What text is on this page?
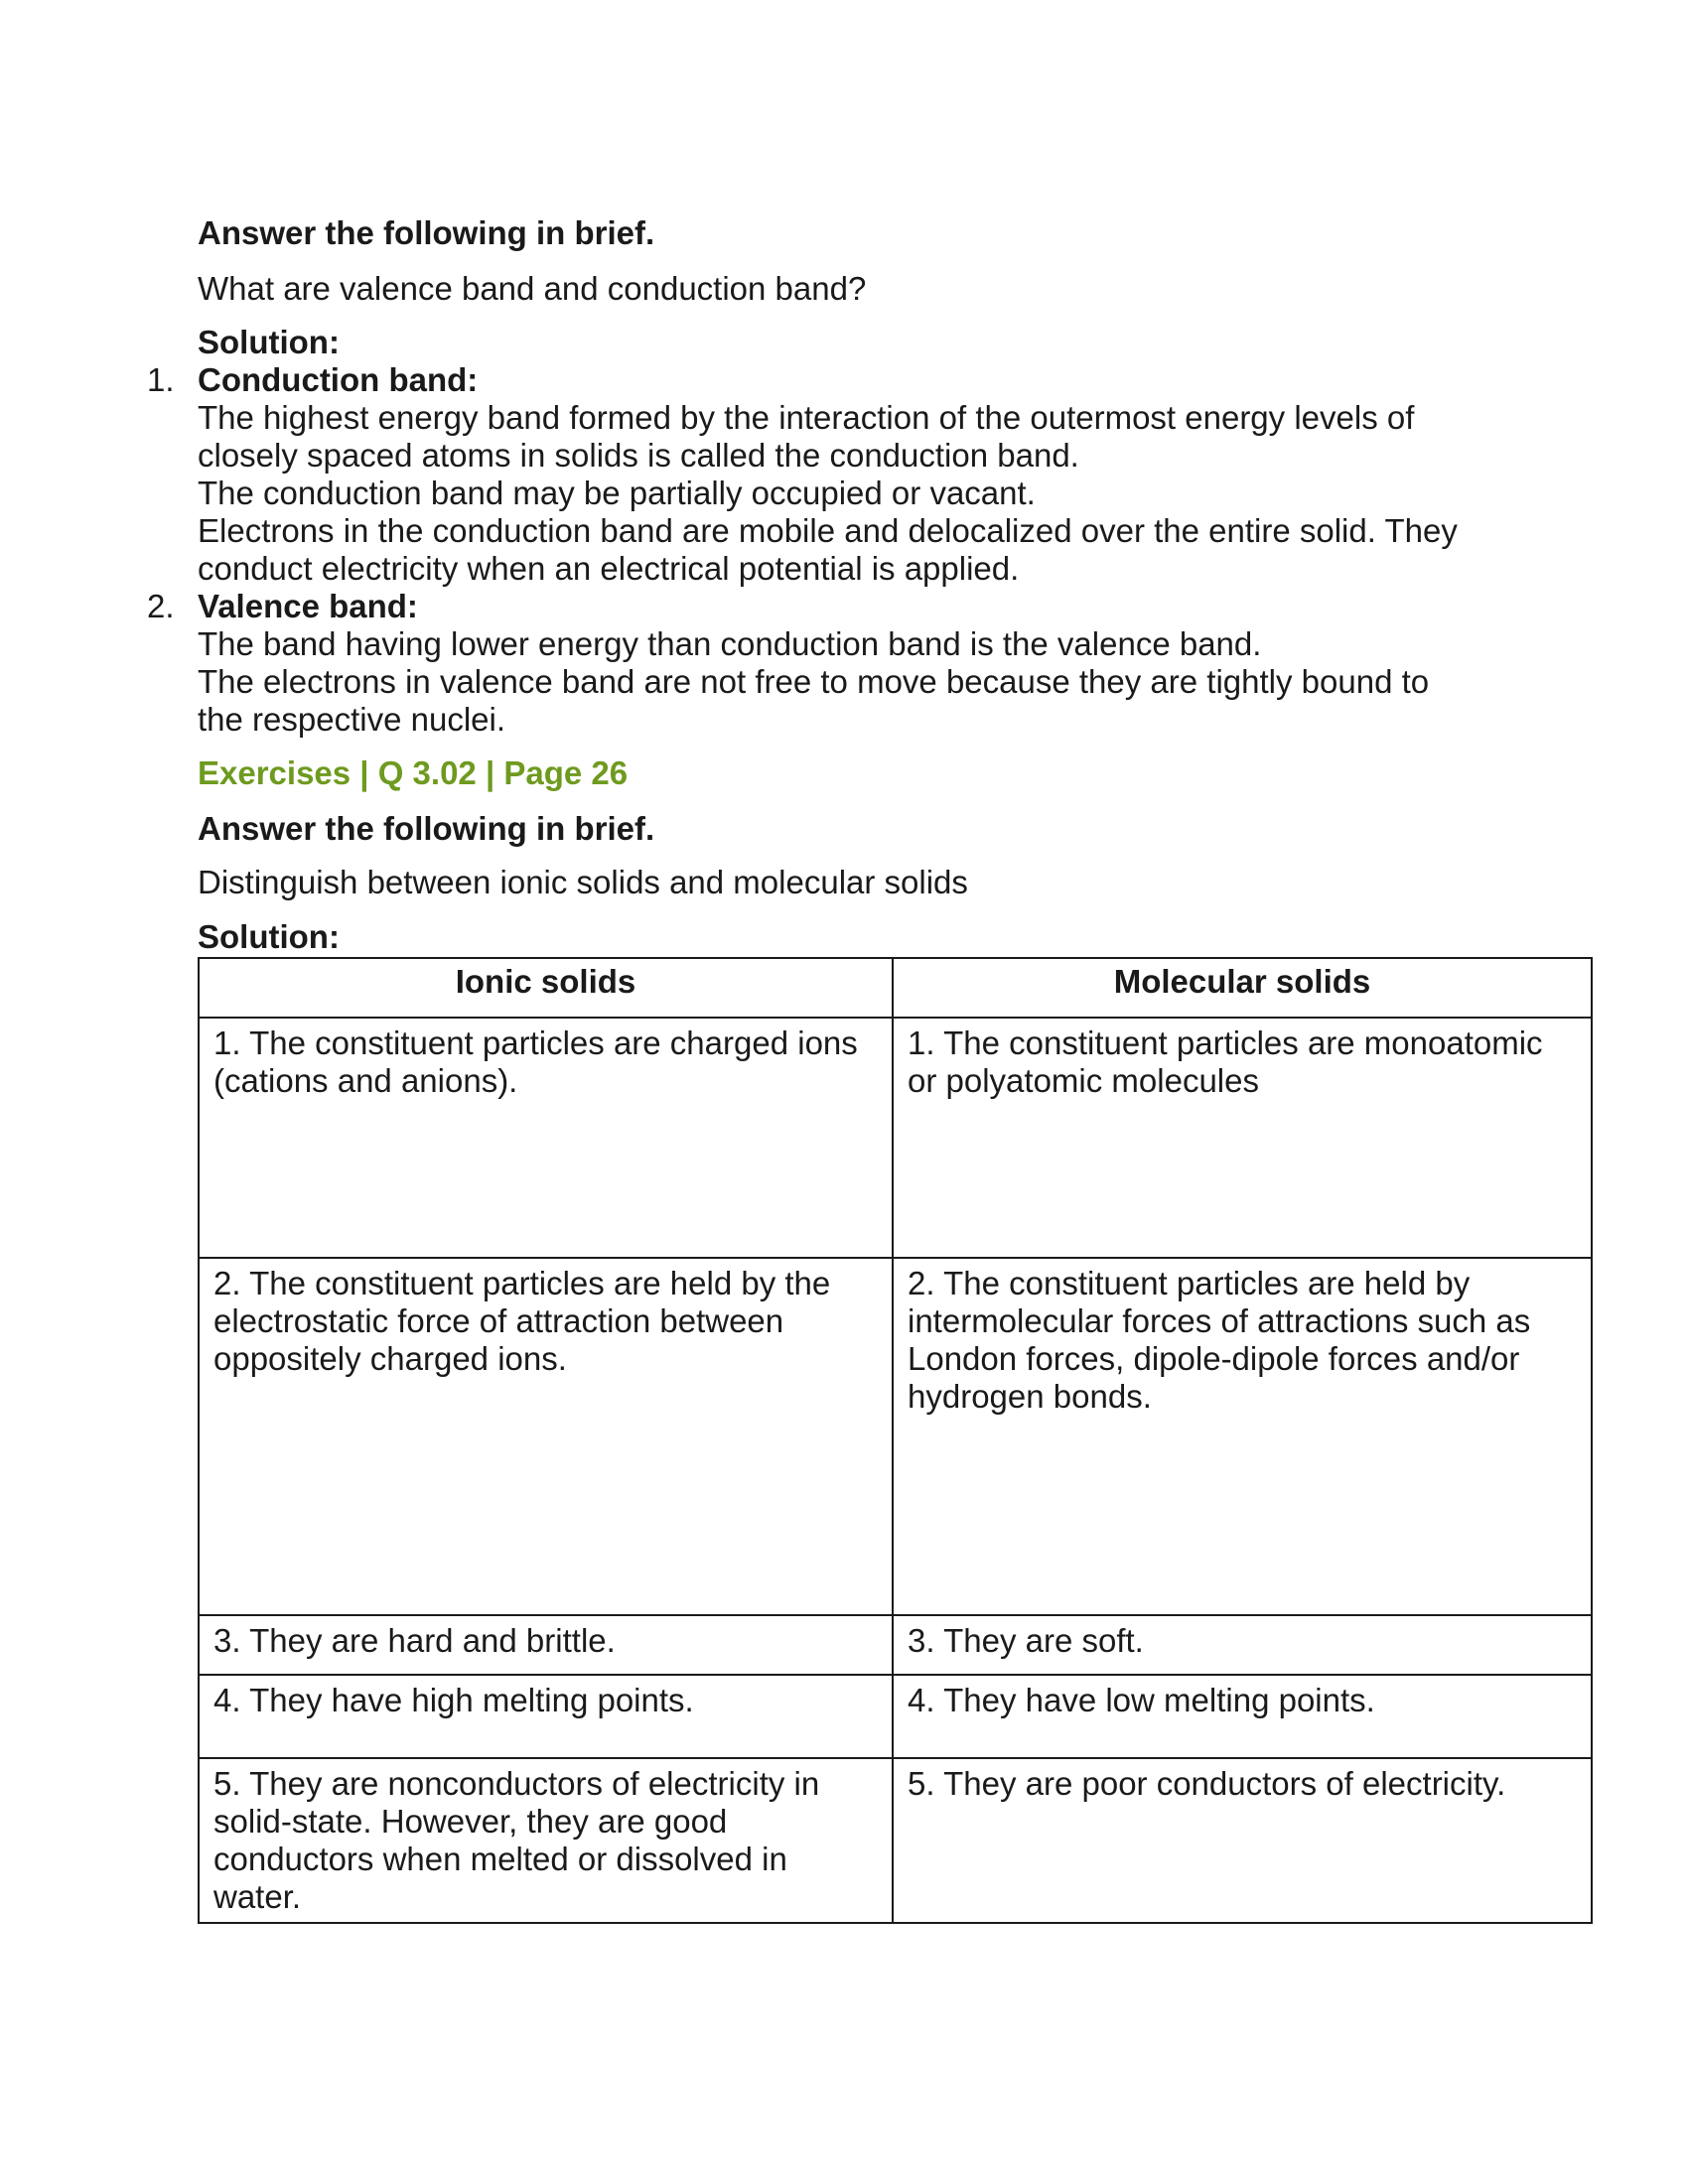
Answer the following in brief.
What are valence band and conduction band?
Solution:
1. Conduction band:
The highest energy band formed by the interaction of the outermost energy levels of
closely spaced atoms in solids is called the conduction band.
The conduction band may be partially occupied or vacant.
Electrons in the conduction band are mobile and delocalized over the entire solid. They
conduct electricity when an electrical potential is applied.
2. Valence band:
The band having lower energy than conduction band is the valence band.
The electrons in valence band are not free to move because they are tightly bound to
the respective nuclei.
Exercises | Q 3.02 | Page 26
Answer the following in brief.
Distinguish between ionic solids and molecular solids
Solution:
Ionic solids	Molecular solids
1. The constituent particles are charged ions (cations and anions).	1. The constituent particles are monoatomic or polyatomic molecules
2. The constituent particles are held by the electrostatic force of attraction between oppositely charged ions.	2. The constituent particles are held by intermolecular forces of attractions such as London forces, dipole-dipole forces and/or hydrogen bonds.
3. They are hard and brittle.	3. They are soft.
4. They have high melting points.	4. They have low melting points.
5. They are nonconductors of electricity in solid-state. However, they are good conductors when melted or dissolved in water.	5. They are poor conductors of electricity.
